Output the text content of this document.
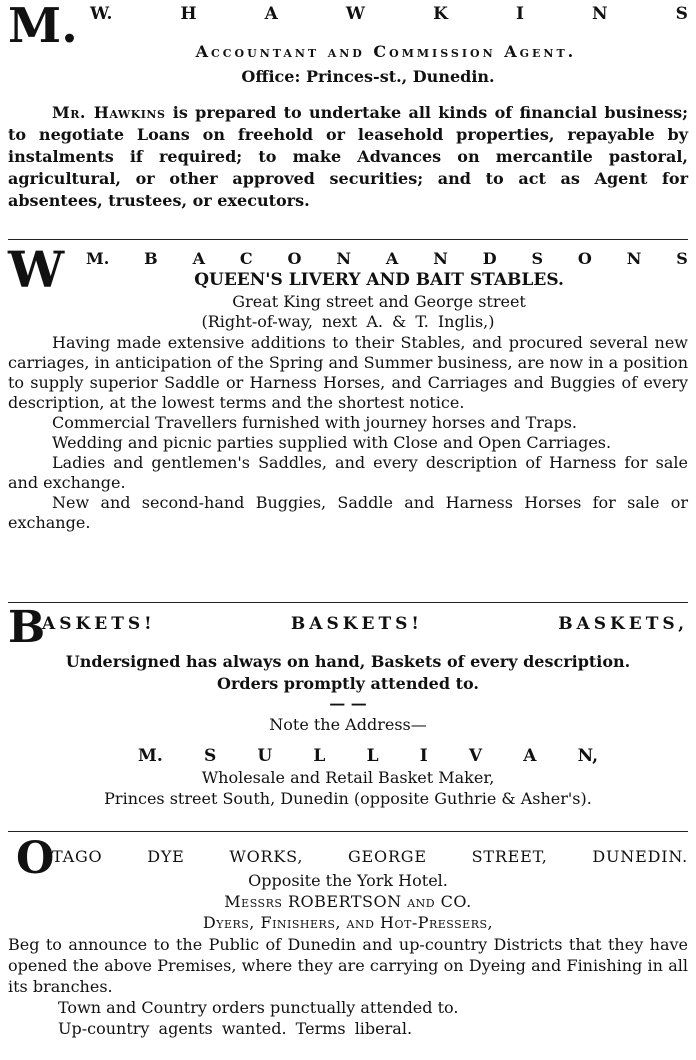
M. W.	H	A	W	K	I	N	S
Accountant and Commission Agent.
Office: Princes-st., Dunedin.
Mr. Hawkins is prepared to undertake all kinds of financial business; to negotiate Loans on freehold or leasehold properties, repayable by instalments if required; to make Advances on mercantile pastoral, agricultural, or other approved securities; and to act as Agent for absentees, trustees, or executors.
W M. B A C O N A N D S O N S
QUEEN'S LIVERY AND BAIT STABLES.
Great King street and George street
(Right-of-way, next A. & T. Inglis,)
Having made extensive additions to their Stables, and procured several new carriages, in anticipation of the Spring and Summer business, are now in a position to supply superior Saddle or Harness Horses, and Carriages and Buggies of every description, at the lowest terms and the shortest notice.
Commercial Travellers furnished with journey horses and Traps.
Wedding and picnic parties supplied with Close and Open Carriages.
Ladies and gentlemen's Saddles, and every description of Harness for sale and exchange.
New and second-hand Buggies, Saddle and Harness Horses for sale or exchange.
B
ASKETS!	BASKETS!	BASKETS,
Undersigned has always on hand, Baskets of every description.
Orders promptly attended to.
— —
Note the Address—
M. S U L L I V A N,
Wholesale and Retail Basket Maker,
Princes street South, Dunedin (opposite Guthrie & Asher's).
O
TAGO DYE WORKS, GEORGE STREET, DUNEDIN.
Opposite the York Hotel.
Messrs ROBERTSON and CO.
Dyers, Finishers, and Hot-Pressers,
Beg to announce to the Public of Dunedin and up-country Districts that they have opened the above Premises, where they are carrying on Dyeing and Finishing in all its branches.
Town and Country orders punctually attended to.
Up-country agents wanted. Terms liberal.
